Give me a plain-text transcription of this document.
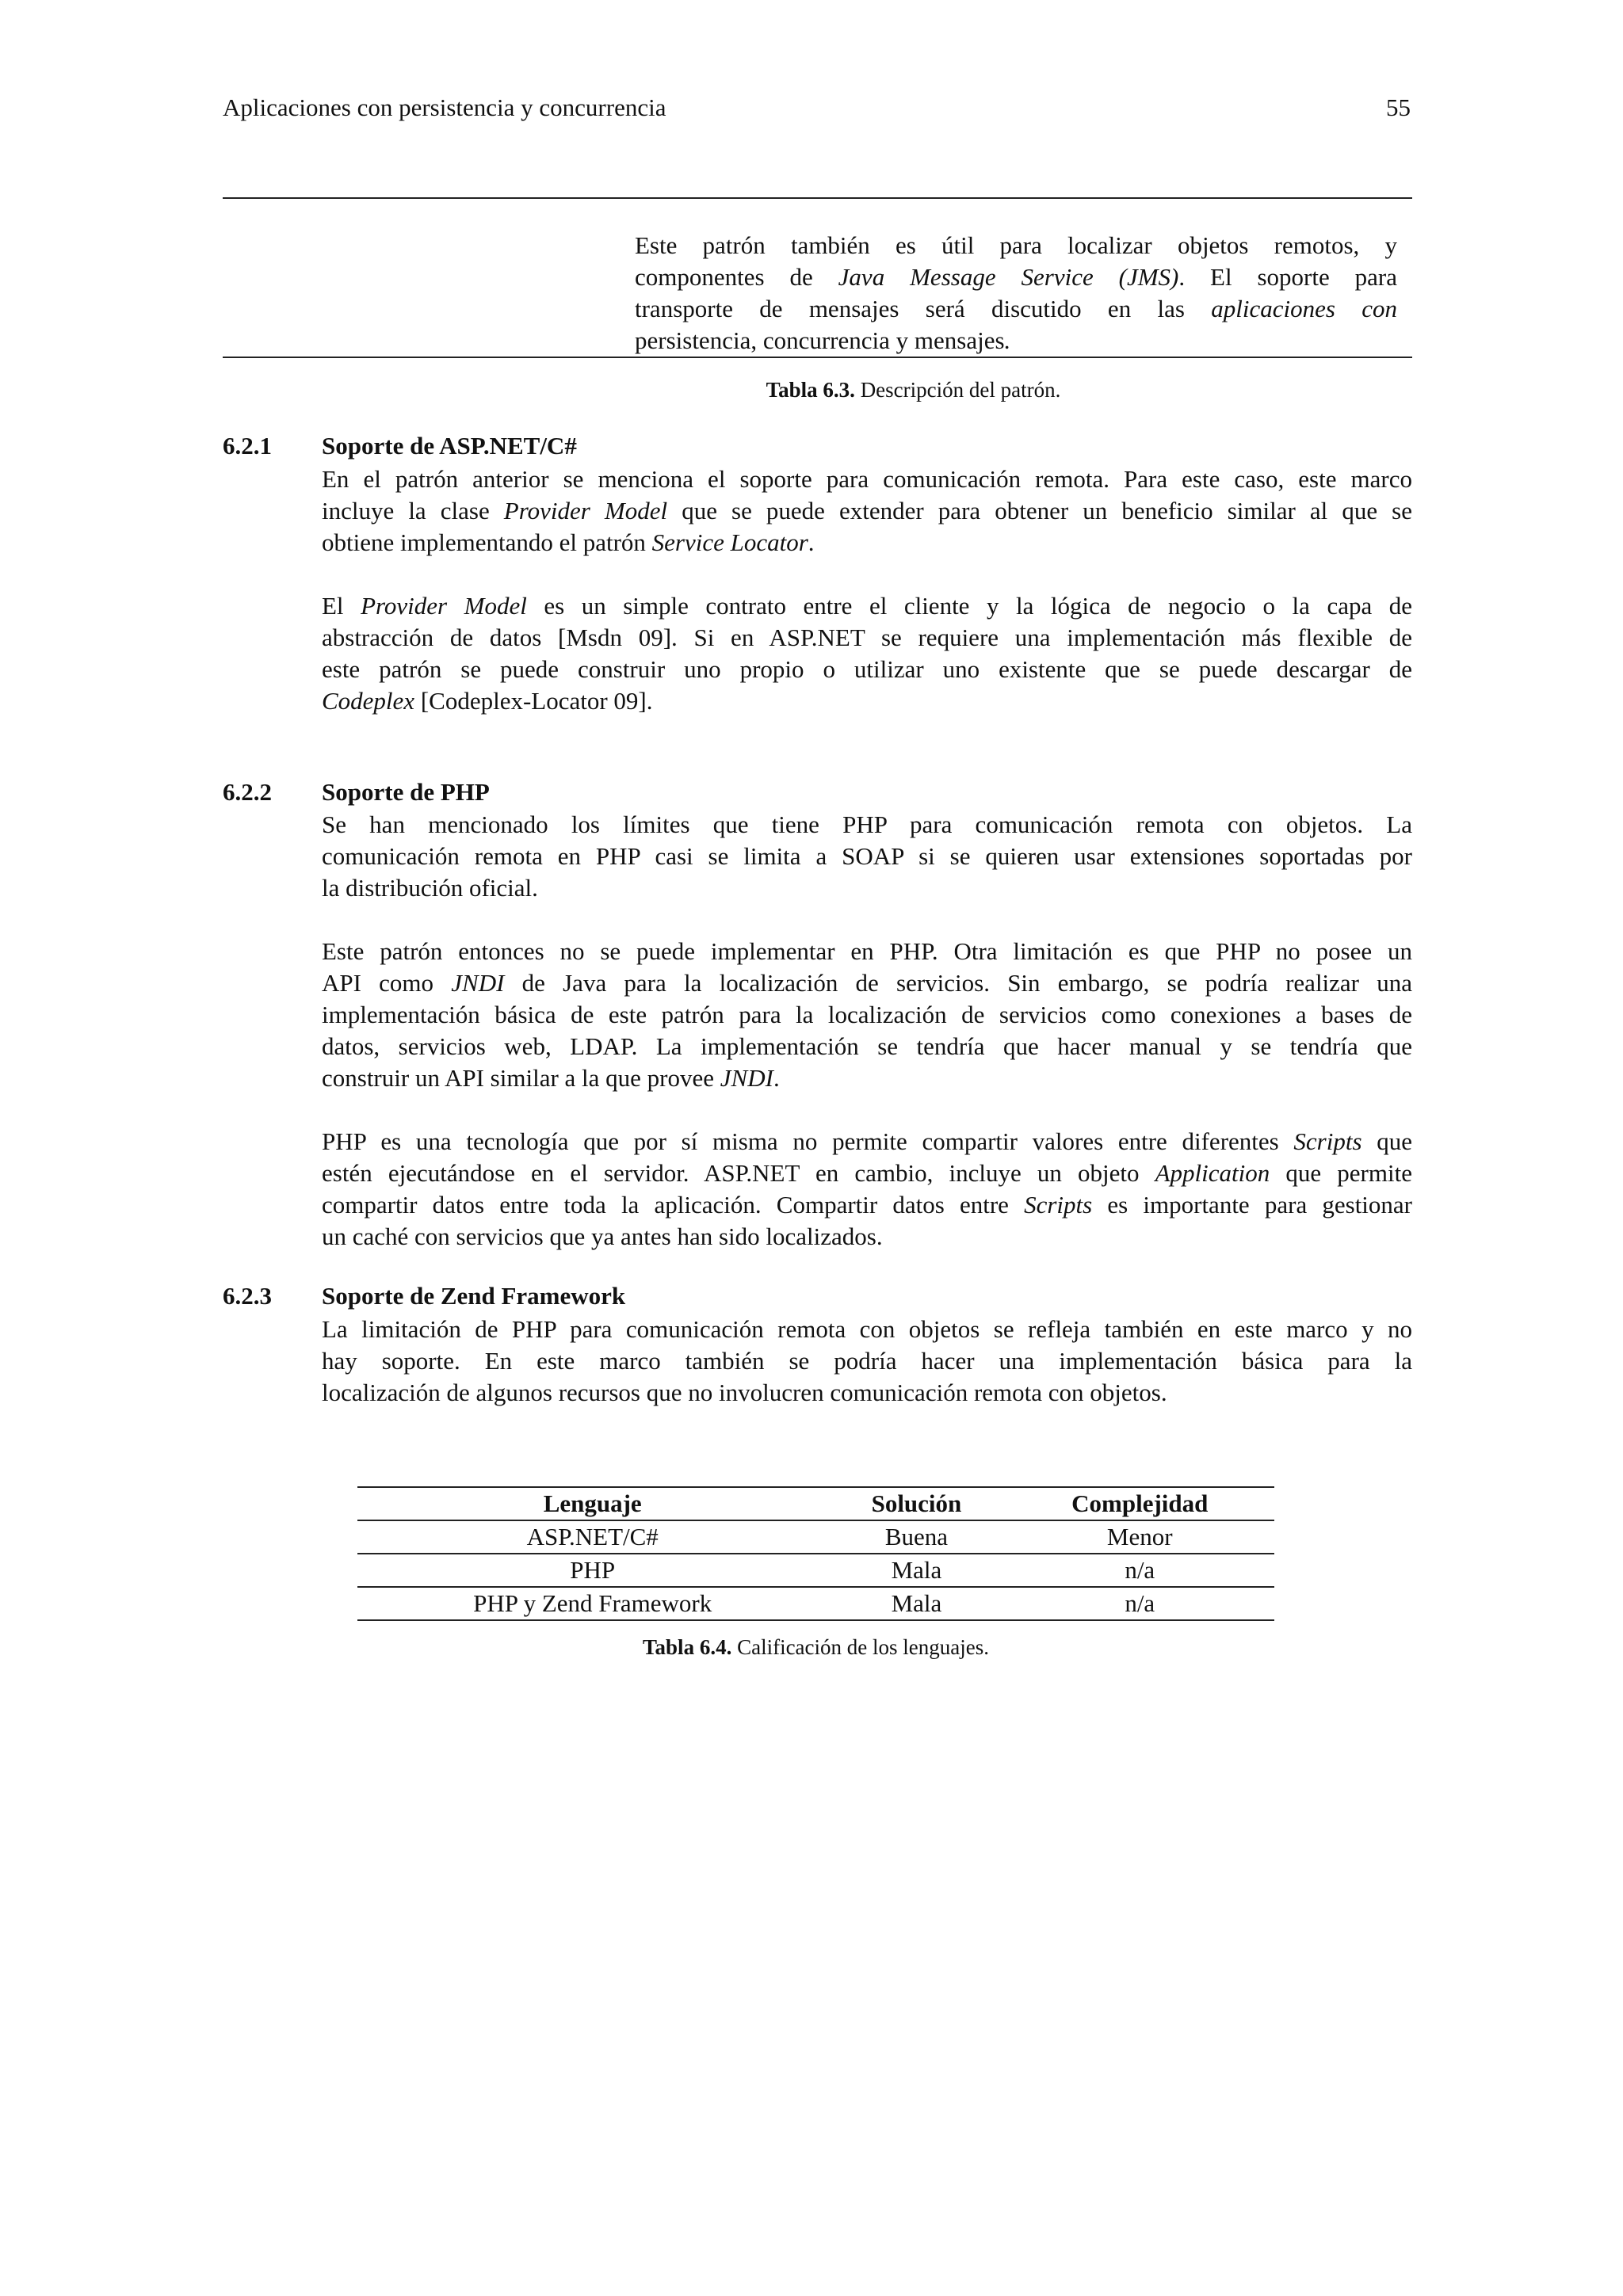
Aplicaciones con persistencia y concurrencia	55
Este patrón también es útil para localizar objetos remotos, y
componentes de Java Message Service (JMS). El soporte para
transporte de mensajes será discutido en las aplicaciones con
persistencia, concurrencia y mensajes.
Tabla 6.3. Descripción del patrón.
6.2.1 Soporte de ASP.NET/C#
En el patrón anterior se menciona el soporte para comunicación remota. Para este caso, este marco
incluye la clase Provider Model que se puede extender para obtener un beneficio similar al que se
obtiene implementando el patrón Service Locator.
El Provider Model es un simple contrato entre el cliente y la lógica de negocio o la capa de
abstracción de datos [Msdn 09]. Si en ASP.NET se requiere una implementación más flexible de
este patrón se puede construir uno propio o utilizar uno existente que se puede descargar de
Codeplex [Codeplex-Locator 09].
6.2.2 Soporte de PHP
Se han mencionado los límites que tiene PHP para comunicación remota con objetos. La
comunicación remota en PHP casi se limita a SOAP si se quieren usar extensiones soportadas por
la distribución oficial.
Este patrón entonces no se puede implementar en PHP. Otra limitación es que PHP no posee un
API como JNDI de Java para la localización de servicios. Sin embargo, se podría realizar una
implementación básica de este patrón para la localización de servicios como conexiones a bases de
datos, servicios web, LDAP. La implementación se tendría que hacer manual y se tendría que
construir un API similar a la que provee JNDI.
PHP es una tecnología que por sí misma no permite compartir valores entre diferentes Scripts que
estén ejecutándose en el servidor. ASP.NET en cambio, incluye un objeto Application que permite
compartir datos entre toda la aplicación. Compartir datos entre Scripts es importante para gestionar
un caché con servicios que ya antes han sido localizados.
6.2.3 Soporte de Zend Framework
La limitación de PHP para comunicación remota con objetos se refleja también en este marco y no
hay soporte. En este marco también se podría hacer una implementación básica para la
localización de algunos recursos que no involucren comunicación remota con objetos.
Lenguaje	Solución	Complejidad
ASP.NET/C#	Buena	Menor
PHP	Mala	n/a
PHP y Zend Framework	Mala	n/a
Tabla 6.4. Calificación de los lenguajes.
